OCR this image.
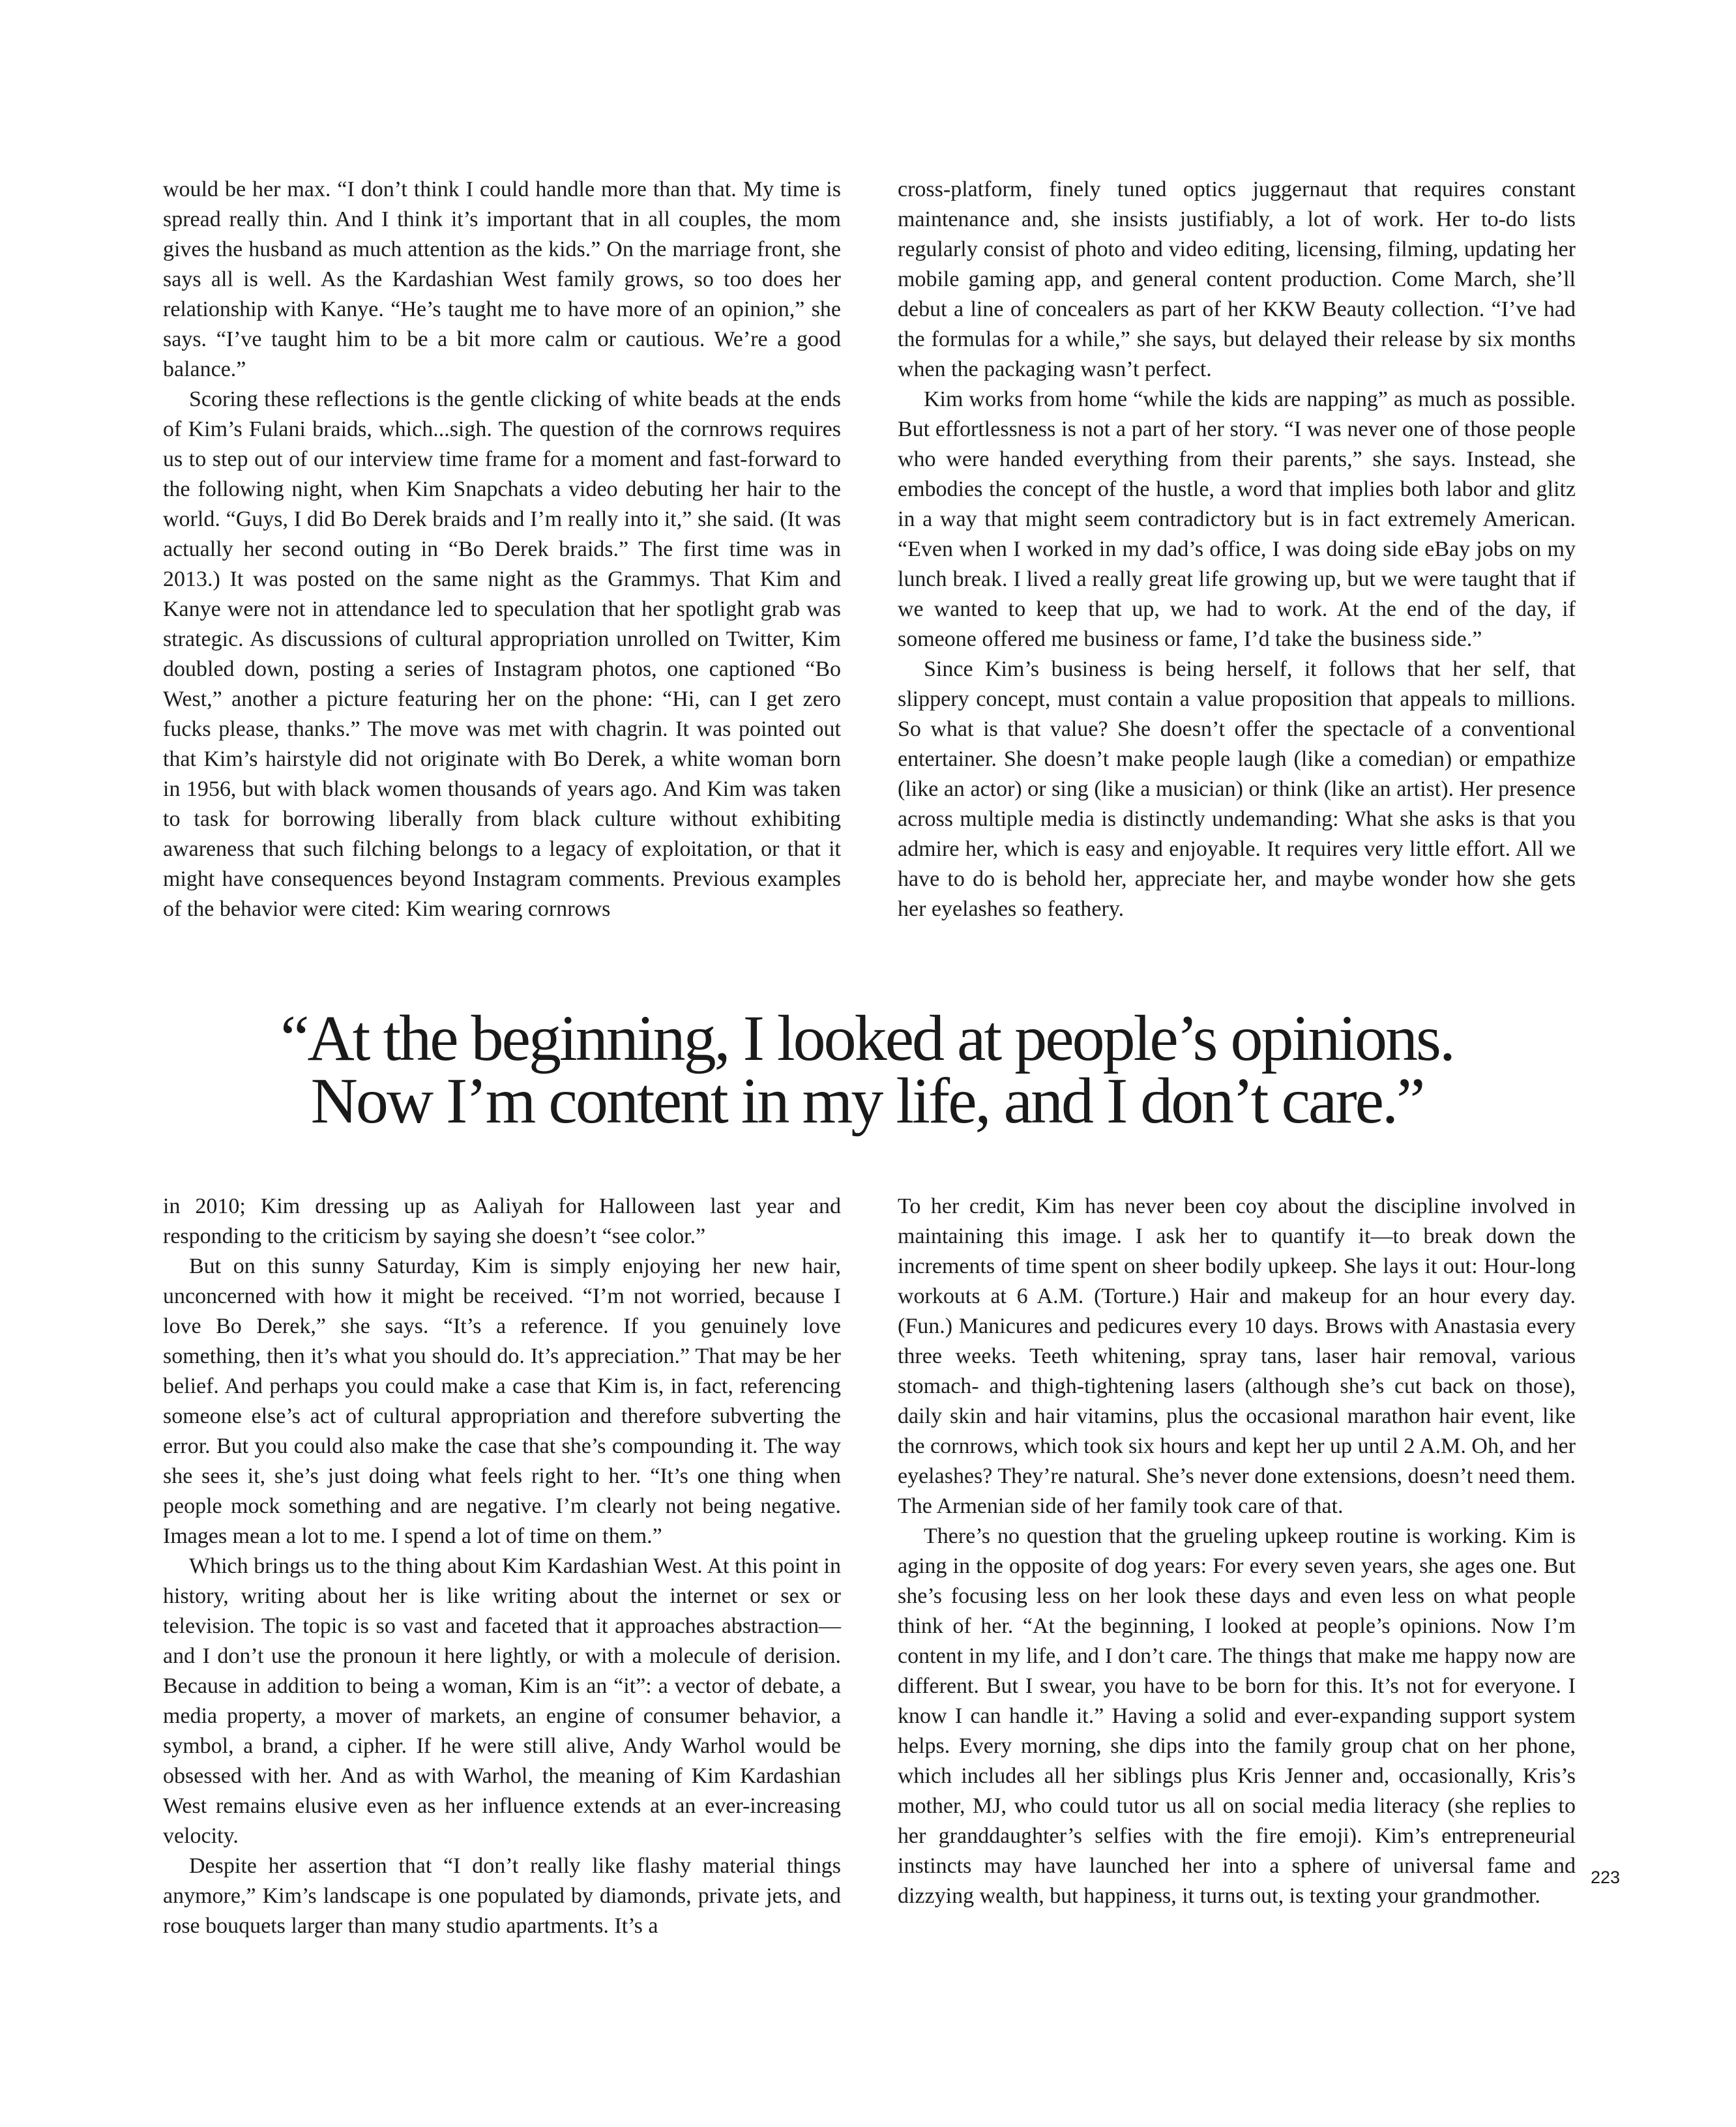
would be her max. “I don’t think I could handle more than that. My time is spread really thin. And I think it’s important that in all couples, the mom gives the husband as much attention as the kids.” On the marriage front, she says all is well. As the Kardashian West family grows, so too does her relationship with Kanye. “He’s taught me to have more of an opinion,” she says. “I’ve taught him to be a bit more calm or cautious. We’re a good balance.”

Scoring these reflections is the gentle clicking of white beads at the ends of Kim’s Fulani braids, which...sigh. The question of the cornrows requires us to step out of our interview time frame for a moment and fast-forward to the following night, when Kim Snapchats a video debuting her hair to the world. “Guys, I did Bo Derek braids and I’m really into it,” she said. (It was actually her second outing in “Bo Derek braids.” The first time was in 2013.) It was posted on the same night as the Grammys. That Kim and Kanye were not in attendance led to speculation that her spotlight grab was strategic. As discussions of cultural appropriation unrolled on Twitter, Kim doubled down, posting a series of Instagram photos, one captioned “Bo West,” another a picture featuring her on the phone: “Hi, can I get zero fucks please, thanks.” The move was met with chagrin. It was pointed out that Kim’s hairstyle did not originate with Bo Derek, a white woman born in 1956, but with black women thousands of years ago. And Kim was taken to task for borrowing liberally from black culture without exhibiting awareness that such filching belongs to a legacy of exploitation, or that it might have consequences beyond Instagram comments. Previous examples of the behavior were cited: Kim wearing cornrows

cross-platform, finely tuned optics juggernaut that requires constant maintenance and, she insists justifiably, a lot of work. Her to-do lists regularly consist of photo and video editing, licensing, filming, updating her mobile gaming app, and general content production. Come March, she’ll debut a line of concealers as part of her KKW Beauty collection. “I’ve had the formulas for a while,” she says, but delayed their release by six months when the packaging wasn’t perfect.

Kim works from home “while the kids are napping” as much as possible. But effortlessness is not a part of her story. “I was never one of those people who were handed everything from their parents,” she says. Instead, she embodies the concept of the hustle, a word that implies both labor and glitz in a way that might seem contradictory but is in fact extremely American. “Even when I worked in my dad’s office, I was doing side eBay jobs on my lunch break. I lived a really great life growing up, but we were taught that if we wanted to keep that up, we had to work. At the end of the day, if someone offered me business or fame, I’d take the business side.”

Since Kim’s business is being herself, it follows that her self, that slippery concept, must contain a value proposition that appeals to millions. So what is that value? She doesn’t offer the spectacle of a conventional entertainer. She doesn’t make people laugh (like a comedian) or empathize (like an actor) or sing (like a musician) or think (like an artist). Her presence across multiple media is distinctly undemanding: What she asks is that you admire her, which is easy and enjoyable. It requires very little effort. All we have to do is behold her, appreciate her, and maybe wonder how she gets her eyelashes so feathery.

“At the beginning, I looked at people’s opinions.
Now I’m content in my life, and I don’t care.”

in 2010; Kim dressing up as Aaliyah for Halloween last year and responding to the criticism by saying she doesn’t “see color.”

But on this sunny Saturday, Kim is simply enjoying her new hair, unconcerned with how it might be received. “I’m not worried, because I love Bo Derek,” she says. “It’s a reference. If you genuinely love something, then it’s what you should do. It’s appreciation.” That may be her belief. And perhaps you could make a case that Kim is, in fact, referencing someone else’s act of cultural appropriation and therefore subverting the error. But you could also make the case that she’s compounding it. The way she sees it, she’s just doing what feels right to her. “It’s one thing when people mock something and are negative. I’m clearly not being negative. Images mean a lot to me. I spend a lot of time on them.”

Which brings us to the thing about Kim Kardashian West. At this point in history, writing about her is like writing about the internet or sex or television. The topic is so vast and faceted that it approaches abstraction—and I don’t use the pronoun it here lightly, or with a molecule of derision. Because in addition to being a woman, Kim is an “it”: a vector of debate, a media property, a mover of markets, an engine of consumer behavior, a symbol, a brand, a cipher. If he were still alive, Andy Warhol would be obsessed with her. And as with Warhol, the meaning of Kim Kardashian West remains elusive even as her influence extends at an ever-increasing velocity.

Despite her assertion that “I don’t really like flashy material things anymore,” Kim’s landscape is one populated by diamonds, private jets, and rose bouquets larger than many studio apartments. It’s a

To her credit, Kim has never been coy about the discipline involved in maintaining this image. I ask her to quantify it—to break down the increments of time spent on sheer bodily upkeep. She lays it out: Hour-long workouts at 6 A.M. (Torture.) Hair and makeup for an hour every day. (Fun.) Manicures and pedicures every 10 days. Brows with Anastasia every three weeks. Teeth whitening, spray tans, laser hair removal, various stomach- and thigh-tightening lasers (although she’s cut back on those), daily skin and hair vitamins, plus the occasional marathon hair event, like the cornrows, which took six hours and kept her up until 2 A.M. Oh, and her eyelashes? They’re natural. She’s never done extensions, doesn’t need them. The Armenian side of her family took care of that.

There’s no question that the grueling upkeep routine is working. Kim is aging in the opposite of dog years: For every seven years, she ages one. But she’s focusing less on her look these days and even less on what people think of her. “At the beginning, I looked at people’s opinions. Now I’m content in my life, and I don’t care. The things that make me happy now are different. But I swear, you have to be born for this. It’s not for everyone. I know I can handle it.” Having a solid and ever-expanding support system helps. Every morning, she dips into the family group chat on her phone, which includes all her siblings plus Kris Jenner and, occasionally, Kris’s mother, MJ, who could tutor us all on social media literacy (she replies to her granddaughter’s selfies with the fire emoji). Kim’s entrepreneurial instincts may have launched her into a sphere of universal fame and dizzying wealth, but happiness, it turns out, is texting your grandmother.

223
